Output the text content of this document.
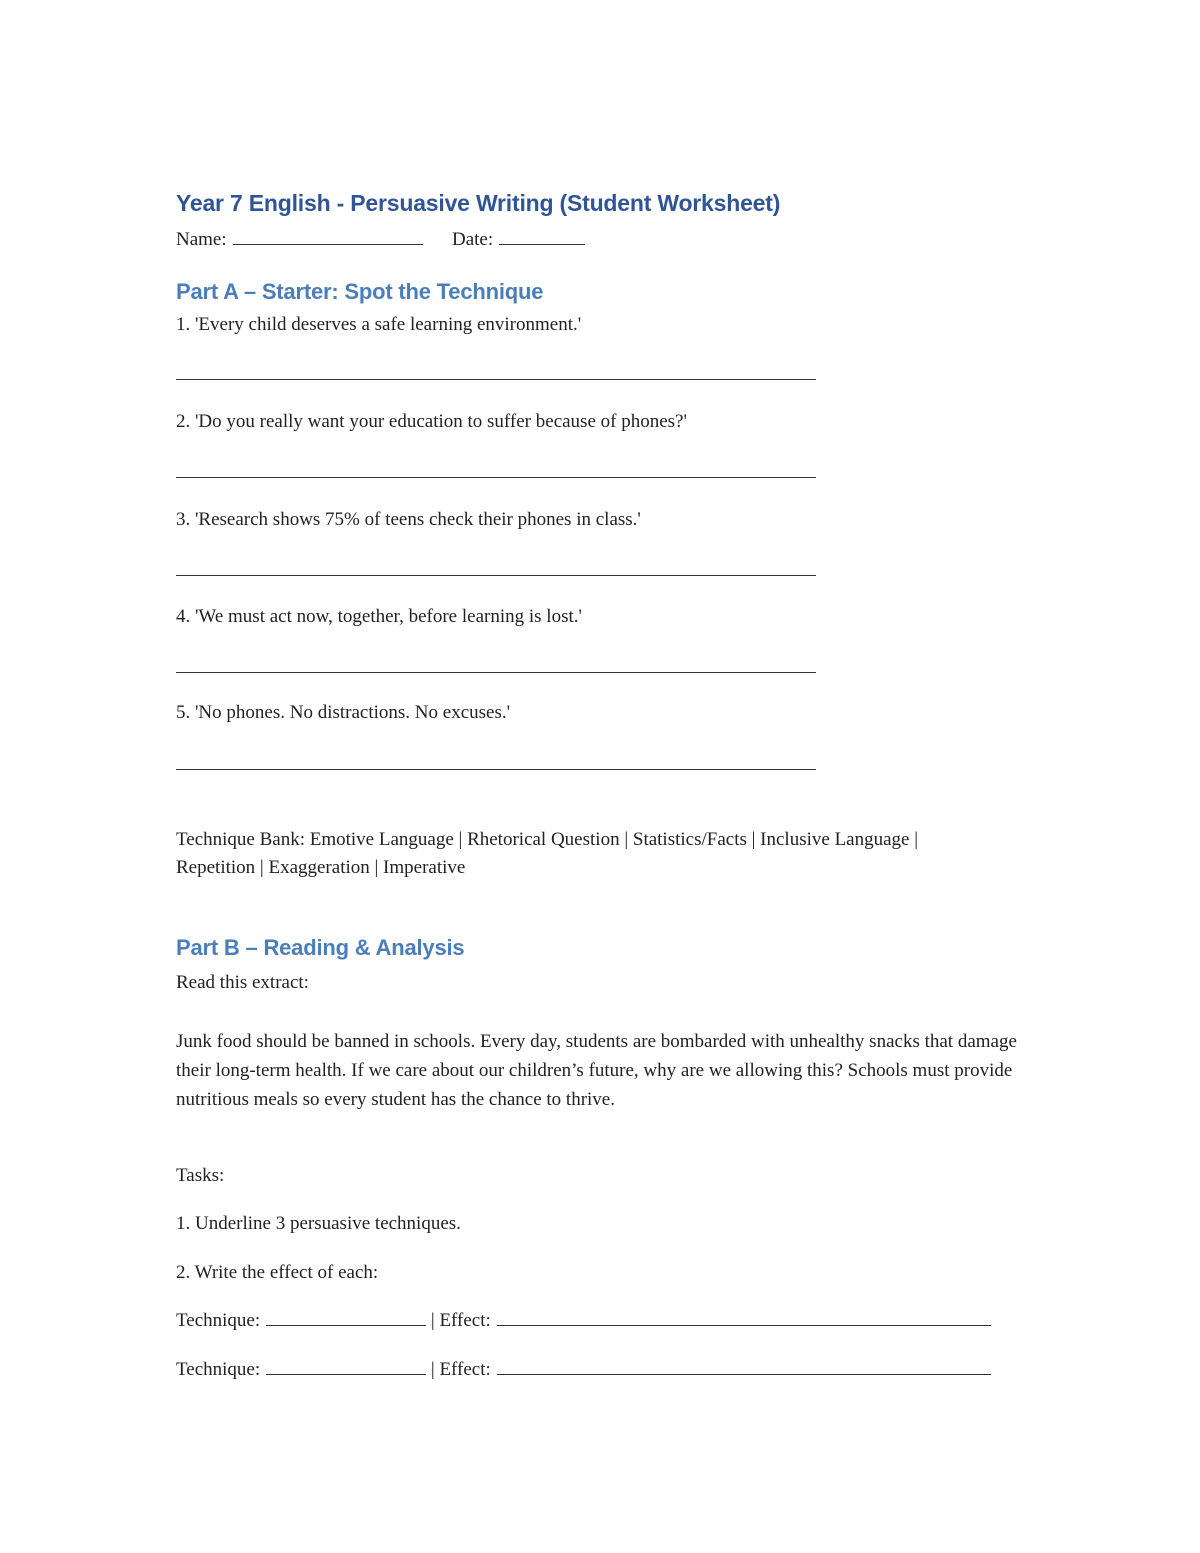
Year 7 English - Persuasive Writing (Student Worksheet)
Name:	Date:
Part A – Starter: Spot the Technique
1. 'Every child deserves a safe learning environment.'
2. 'Do you really want your education to suffer because of phones?'
3. 'Research shows 75% of teens check their phones in class.'
4. 'We must act now, together, before learning is lost.'
5. 'No phones. No distractions. No excuses.'
Technique Bank: Emotive Language | Rhetorical Question | Statistics/Facts | Inclusive Language | Repetition | Exaggeration | Imperative
Part B – Reading & Analysis
Read this extract:
Junk food should be banned in schools. Every day, students are bombarded with unhealthy snacks that damage their long-term health. If we care about our children’s future, why are we allowing this? Schools must provide nutritious meals so every student has the chance to thrive.
Tasks:
1. Underline 3 persuasive techniques.
2. Write the effect of each:
Technique:	| Effect:
Technique:	| Effect:
